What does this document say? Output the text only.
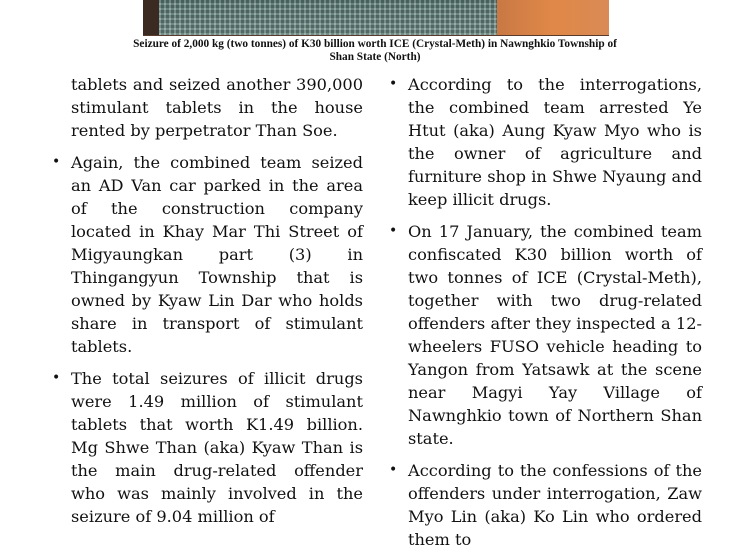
Seizure of 2,000 kg (two tonnes) of K30 billion worth ICE (Crystal-Meth) in Nawnghkio Township of Shan State (North)

tablets and seized another 390,000 stimulant tablets in the house rented by perpetrator Than Soe.

• Again, the combined team seized an AD Van car parked in the area of the construction company located in Khay Mar Thi Street of Migyaungkan part (3) in Thingangyun Township that is owned by Kyaw Lin Dar who holds share in transport of stimulant tablets.
• The total seizures of illicit drugs were 1.49 million of stimulant tablets that worth K1.49 billion. Mg Shwe Than (aka) Kyaw Than is the main drug-related offender who was mainly involved in the seizure of 9.04 million of
• According to the interrogations, the combined team arrested Ye Htut (aka) Aung Kyaw Myo who is the owner of agriculture and furniture shop in Shwe Nyaung and keep illicit drugs.
• On 17 January, the combined team confiscated K30 billion worth of two tonnes of ICE (Crystal-Meth), together with two drug-related offenders after they inspected a 12-wheelers FUSO vehicle heading to Yangon from Yatsawk at the scene near Magyi Yay Village of Nawnghkio town of Northern Shan state.
• According to the confessions of the offenders under interrogation, Zaw Myo Lin (aka) Ko Lin who ordered them to
